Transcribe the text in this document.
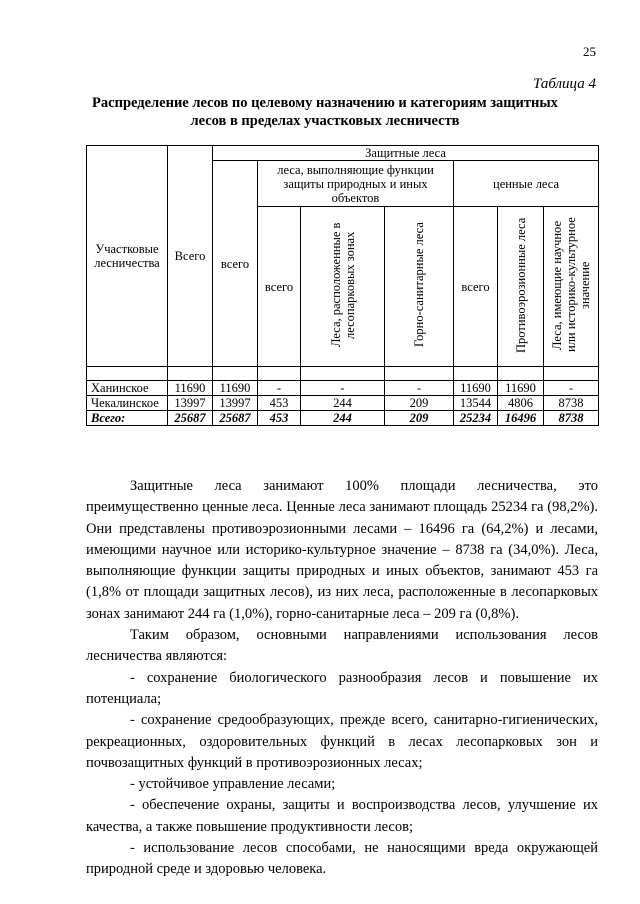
25
Таблица 4
Распределение лесов по целевому назначению и категориям защитных
лесов в пределах участковых лесничеств
Участковые лесничества	Всего	Защитные леса						
		всего	леса, выполняющие функции защиты природных и иных объектов			ценные леса		
			всего	Леса, расположенные в лесопарковых зонах	Горно-санитарные леса	всего	Противоэрозионные леса	Леса, имеющие научное или историко-культурное значение

Ханинское	11690	11690	-	-	-	11690	11690	-
Чекалинское	13997	13997	453	244	209	13544	4806	8738
Всего:	25687	25687	453	244	209	25234	16496	8738

Защитные леса занимают 100% площади лесничества, это преимущественно ценные леса. Ценные леса занимают площадь 25234 га (98,2%). Они представлены противоэрозионными лесами – 16496 га (64,2%) и лесами, имеющими научное или историко-культурное значение – 8738 га (34,0%). Леса, выполняющие функции защиты природных и иных объектов, занимают 453 га (1,8% от площади защитных лесов), из них леса, расположенные в лесопарковых зонах занимают 244 га (1,0%), горно-санитарные леса – 209 га (0,8%).

Таким образом, основными направлениями использования лесов лесничества являются:

- сохранение биологического разнообразия лесов и повышение их потенциала;

- сохранение средообразующих, прежде всего, санитарно-гигиенических, рекреационных, оздоровительных функций в лесах лесопарковых зон и почвозащитных функций в противоэрозионных лесах;

- устойчивое управление лесами;

- обеспечение охраны, защиты и воспроизводства лесов, улучшение их качества, а также повышение продуктивности лесов;

- использование лесов способами, не наносящими вреда окружающей природной среде и здоровью человека.
